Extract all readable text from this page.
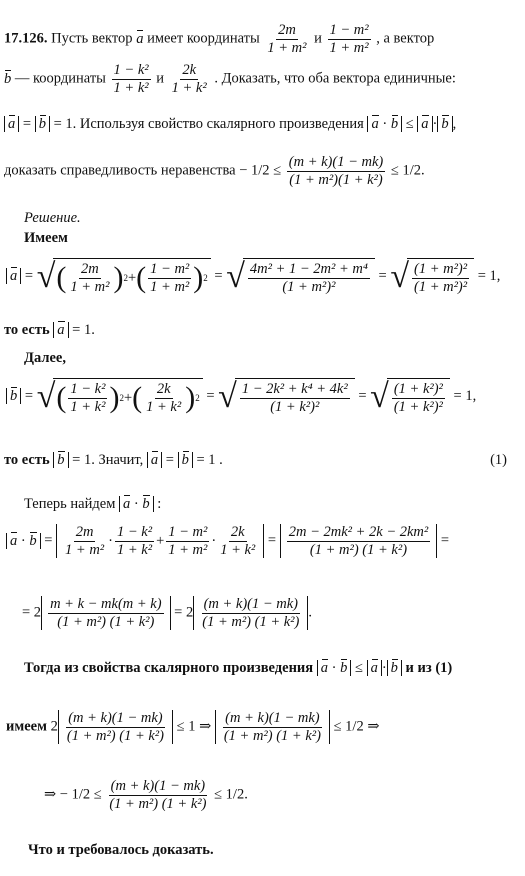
17.126. Пусть вектор a имеет координаты $\frac{2m}{\text{1 + m²}}$ и $\frac{\text{1 − m²}}{\text{1 + m²}}$ , а вектор
b — координаты $\frac{\text{1 − k²}}{\text{1 + k²}}$ и $\frac{2k}{\text{1 + k²}}$ . Доказать, что оба вектора единичные:
a = b = 1. Используя свойство скалярного произведения a · b ≤ a · b ,
доказать справедливость неравенства − $1/2 \le \frac{(m + k)(1 - mk)}{\text{(1 + m²)(1 + k²)}} \le 1/2$.
Решение.
Имеем
a = √ ( $\frac{2m}{\text{1 + m²}}$ ) 2 + ( $\frac{\text{1 − m²}}{\text{1 + m²}}$ ) 2 = √ $\frac{\text{4m² + 1 − 2m² + m⁴}}{\text{(1 + m²)²}}$ = √ $\frac{\text{(1 + m²)²}}{\text{(1 + m²)²}} = 1$,
то есть a = 1.
Далее,
b = √ ( $\frac{\text{1 − k²}}{\text{1 + k²}}$ ) 2 + ( $\frac{2k}{\text{1 + k²}}$ ) 2 = √ $\frac{\text{1 − 2k² + k⁴ + 4k²}}{\text{(1 + k²)²}}$ = √ $\frac{\text{(1 + k²)²}}{\text{(1 + k²)²}} = 1$,
то есть b = 1. Значит, a = b = 1 .	(1)
Теперь найдем a · b :
$a \cdot b = \frac{2m}{\text{1 + m²}} \cdot \frac{\text{1 − k²}}{\text{1 + k²}} + \frac{\text{1 − m²}}{\text{1 + m²}} \cdot \frac{2k}{\text{1 + k²}} = \frac{\text{2m − 2mk² + 2k − 2km²}}{\text{(1 + m²) (1 + k²)}}$ =
= $2 \frac{m + k - mk(m + k)}{\text{(1 + m²) (1 + k²)}} = 2 \frac{(m + k)(1 - mk)}{\text{(1 + m²) (1 + k²)}}$ .
Тогда из свойства скалярного произведения a · b ≤ a · b и из (1)
имеем $2 \frac{(m + k)(1 - mk)}{\text{(1 + m²) (1 + k²)}} \le 1$ ⇒ $\frac{(m + k)(1 - mk)}{\text{(1 + m²) (1 + k²)}} \le 1/2$ ⇒
⇒ − $1/2 \le \frac{(m + k)(1 - mk)}{\text{(1 + m²) (1 + k²)}} \le 1/2$.
Что и требовалось доказать.
